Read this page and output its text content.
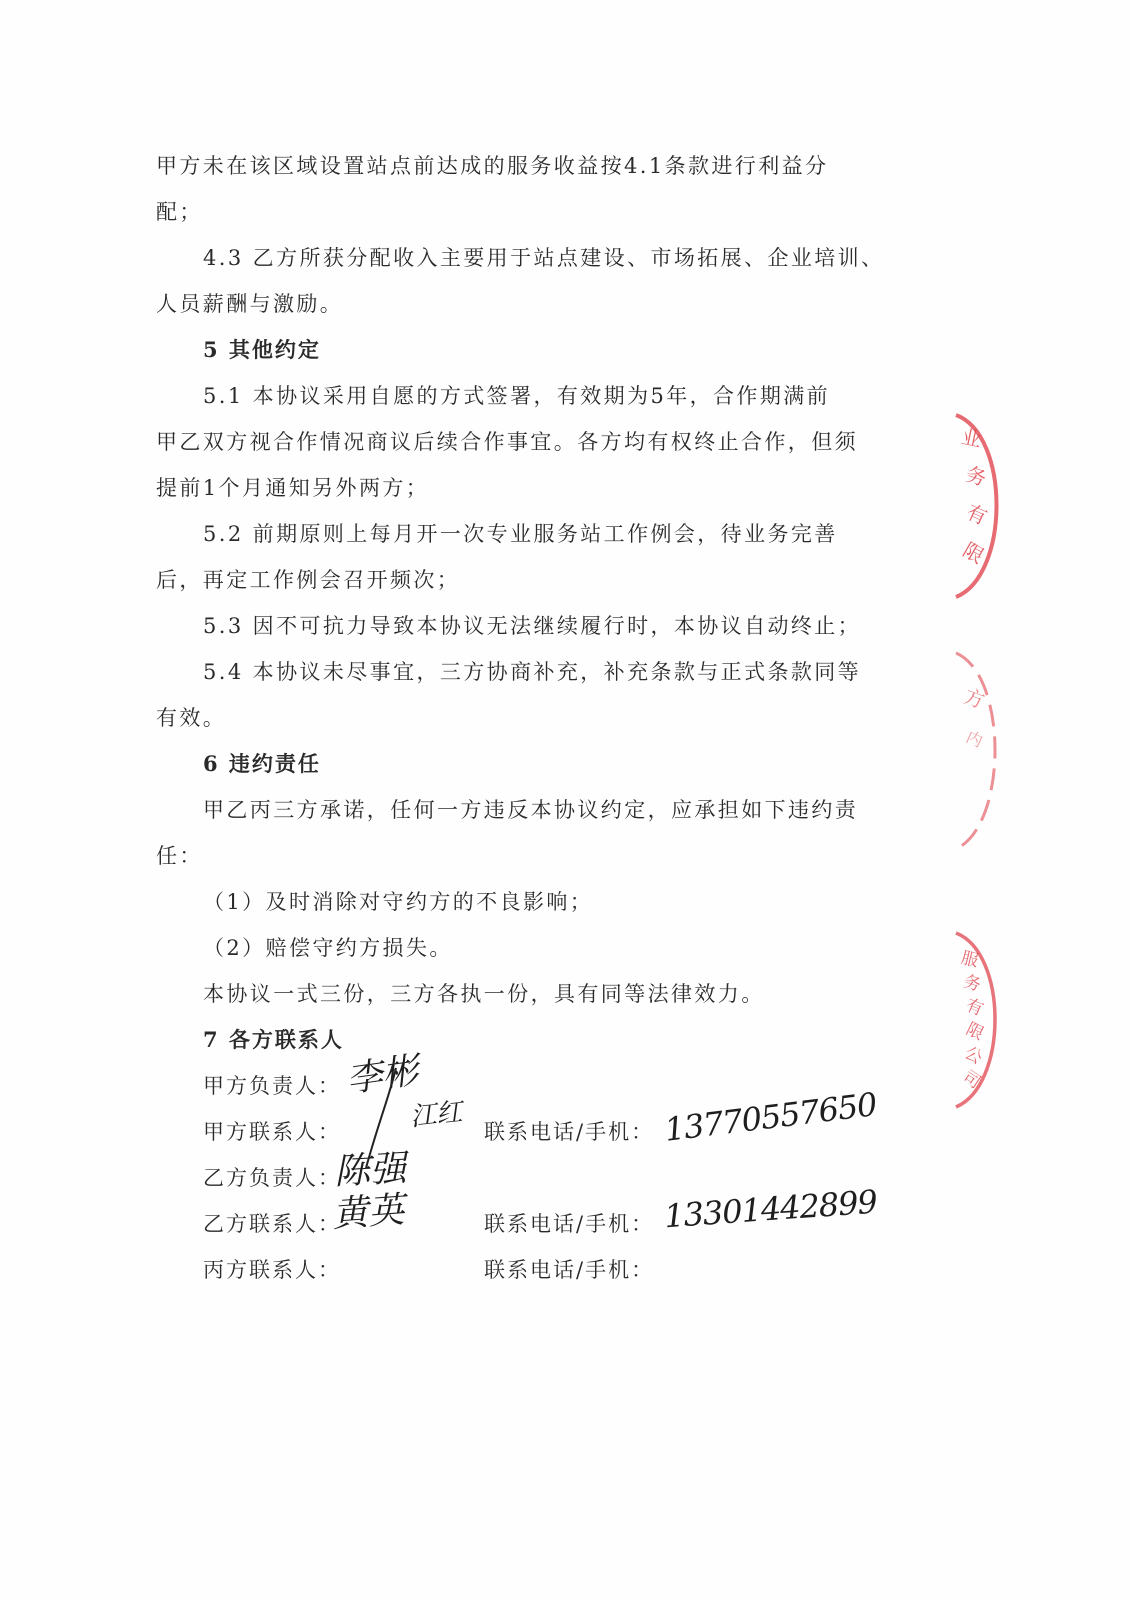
甲方未在该区域设置站点前达成的服务收益按4.1条款进行利益分
配；
4.3 乙方所获分配收入主要用于站点建设、市场拓展、企业培训、
人员薪酬与激励。
5 其他约定
5.1 本协议采用自愿的方式签署，有效期为5年，合作期满前
甲乙双方视合作情况商议后续合作事宜。各方均有权终止合作，但须
提前1个月通知另外两方；
5.2 前期原则上每月开一次专业服务站工作例会，待业务完善
后，再定工作例会召开频次；
5.3 因不可抗力导致本协议无法继续履行时，本协议自动终止；
5.4 本协议未尽事宜，三方协商补充，补充条款与正式条款同等
有效。
6 违约责任
甲乙丙三方承诺，任何一方违反本协议约定，应承担如下违约责
任：
（1）及时消除对守约方的不良影响；
（2）赔偿守约方损失。
本协议一式三份，三方各执一份，具有同等法律效力。
7 各方联系人
甲方负责人： 李彬
甲方联系人：	江红 联系电话/手机： 13770557650
乙方负责人：
陈强
乙方联系人：
黄英	联系电话/手机： 13301442899
丙方联系人：	联系电话/手机：
业
务
有
限
方
内
服
务
有
限
公
司
